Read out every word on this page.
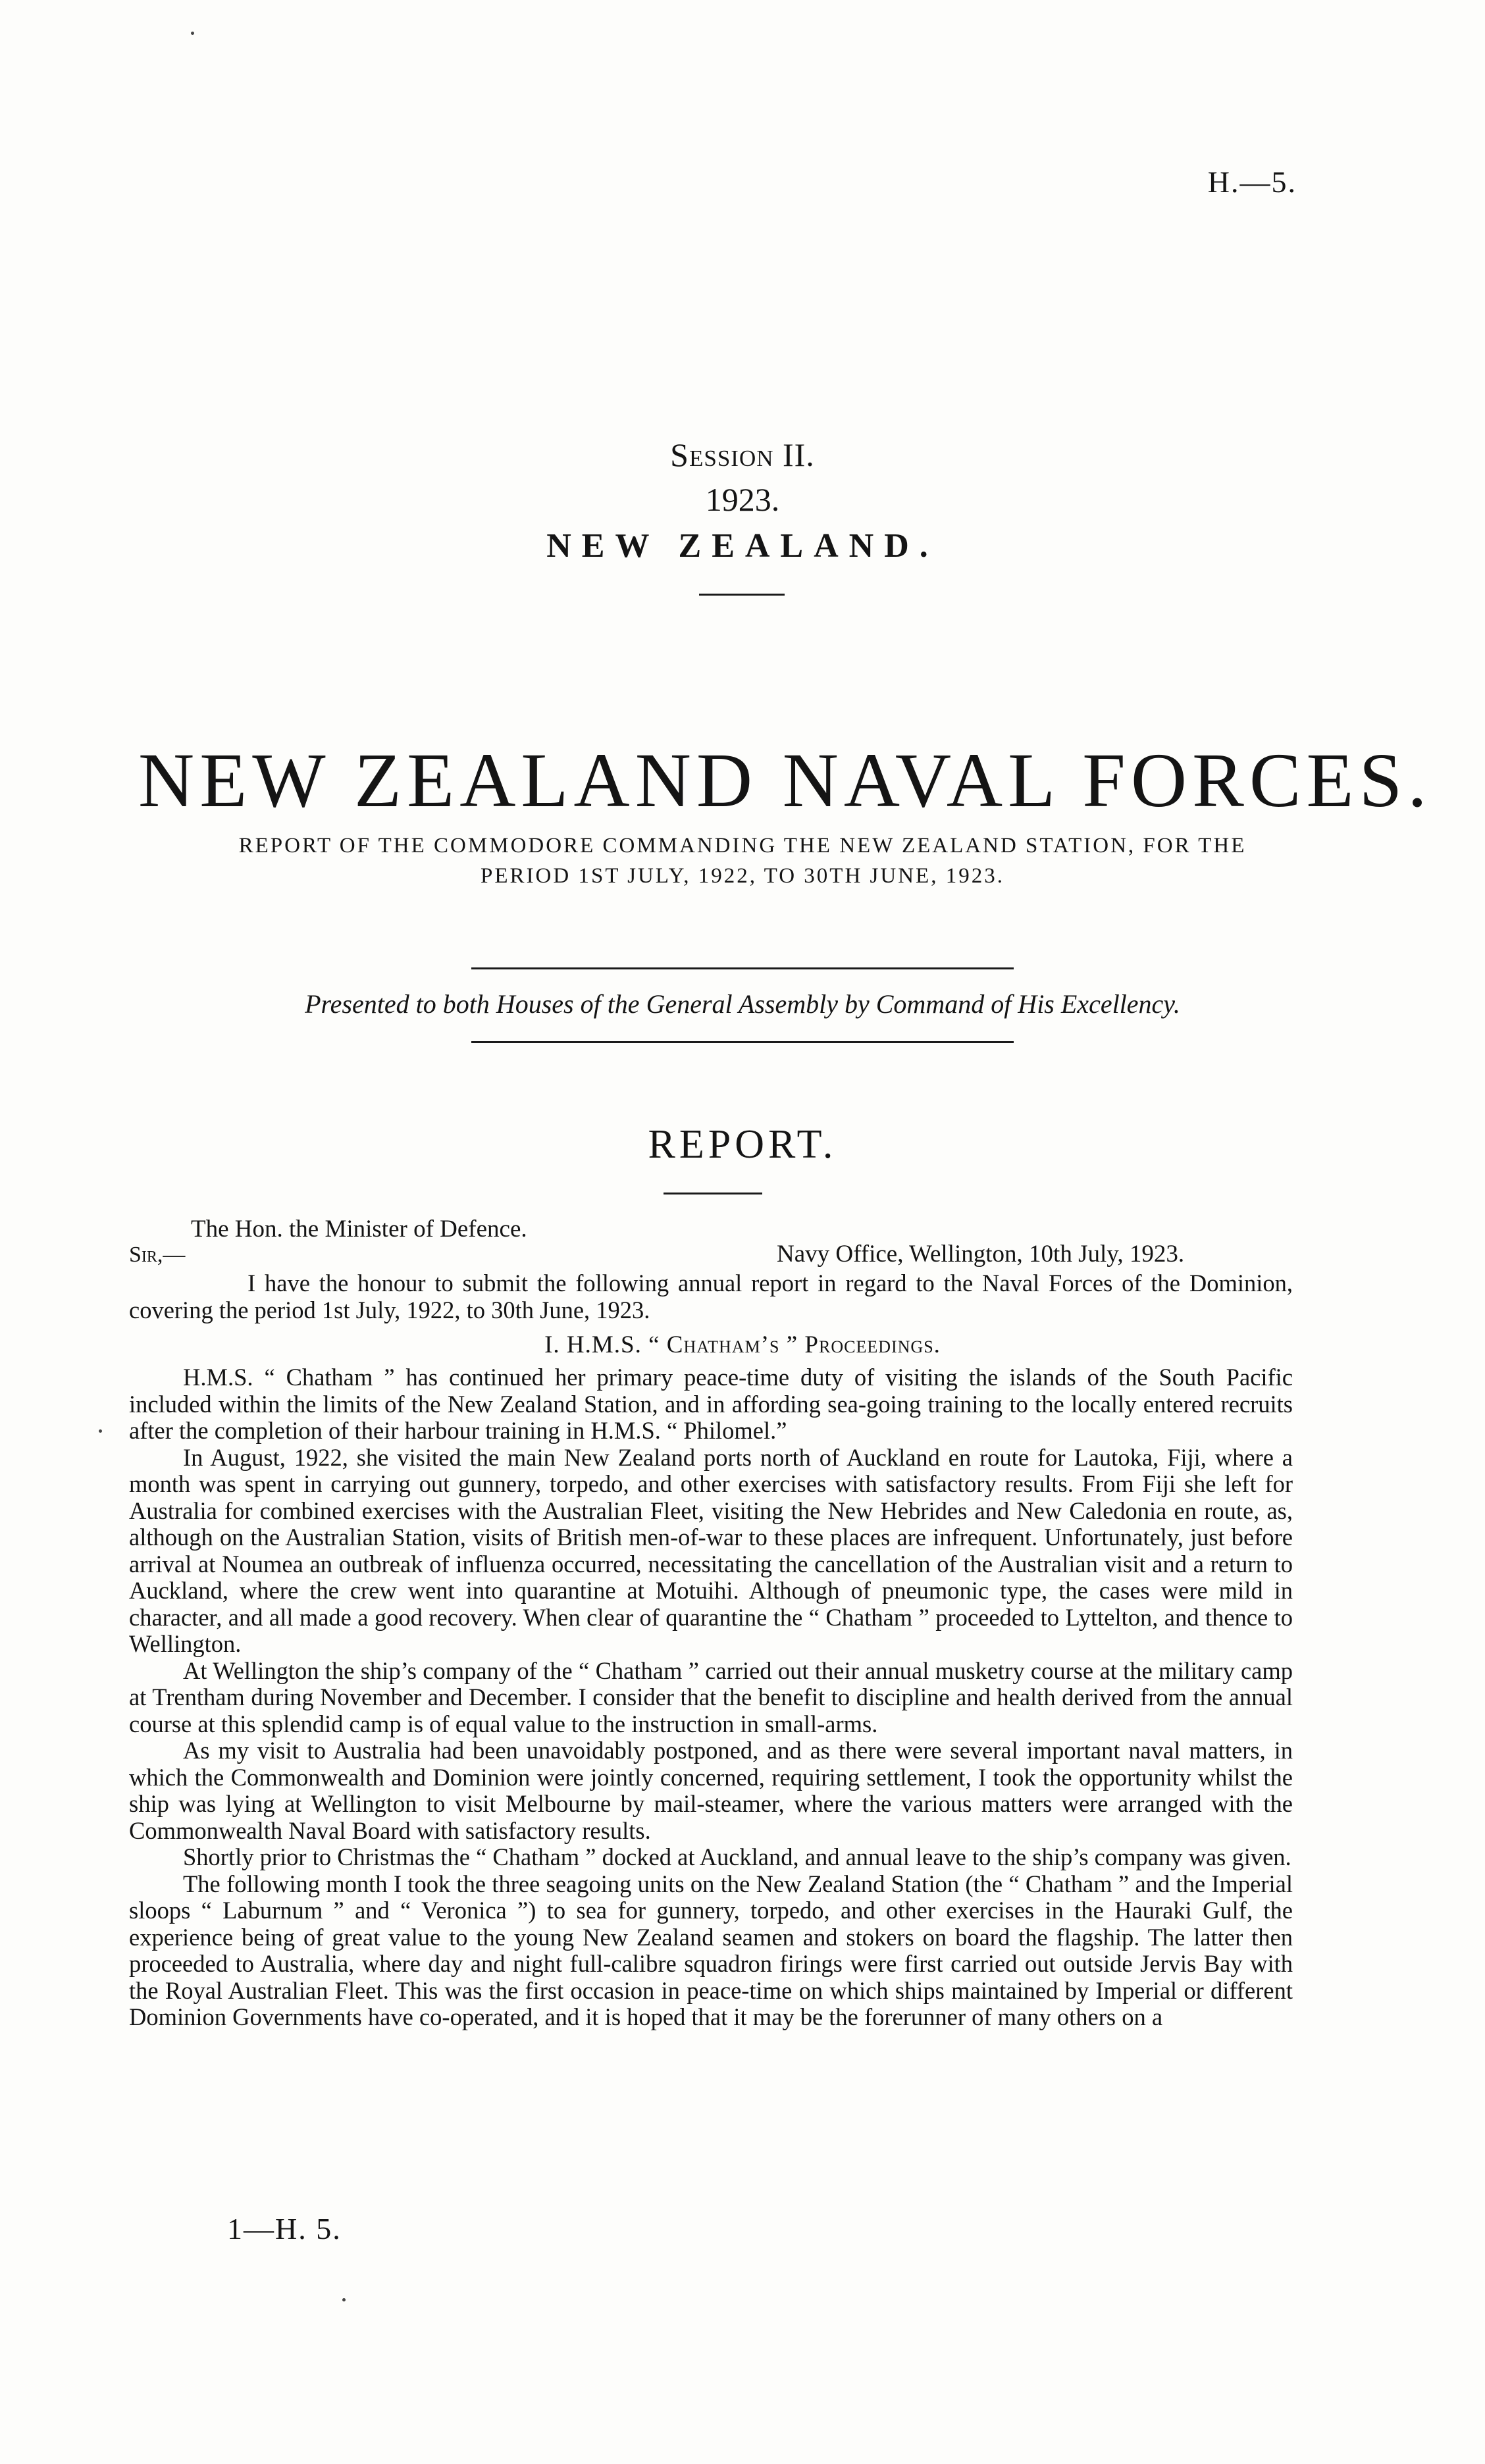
H.—5.
Session II.
1923.
NEW ZEALAND.
NEW ZEALAND NAVAL FORCES.
REPORT OF THE COMMODORE COMMANDING THE NEW ZEALAND STATION, FOR THE PERIOD 1ST JULY, 1922, TO 30TH JUNE, 1923.
Presented to both Houses of the General Assembly by Command of His Excellency.
REPORT.
The Hon. the Minister of Defence.
Sir,—	Navy Office, Wellington, 10th July, 1923.

I have the honour to submit the following annual report in regard to the Naval Forces of the Dominion, covering the period 1st July, 1922, to 30th June, 1923.

I. H.M.S. “ Chatham’s ” Proceedings.

H.M.S. “ Chatham ” has continued her primary peace-time duty of visiting the islands of the South Pacific included within the limits of the New Zealand Station, and in affording sea-going training to the locally entered recruits after the completion of their harbour training in H.M.S. “ Philomel.”

In August, 1922, she visited the main New Zealand ports north of Auckland en route for Lautoka, Fiji, where a month was spent in carrying out gunnery, torpedo, and other exercises with satisfactory results. From Fiji she left for Australia for combined exercises with the Australian Fleet, visiting the New Hebrides and New Caledonia en route, as, although on the Australian Station, visits of British men-of-war to these places are infrequent. Unfortunately, just before arrival at Noumea an outbreak of influenza occurred, necessitating the cancellation of the Australian visit and a return to Auckland, where the crew went into quarantine at Motuihi. Although of pneumonic type, the cases were mild in character, and all made a good recovery. When clear of quarantine the “ Chatham ” proceeded to Lyttelton, and thence to Wellington.

At Wellington the ship’s company of the “ Chatham ” carried out their annual musketry course at the military camp at Trentham during November and December. I consider that the benefit to discipline and health derived from the annual course at this splendid camp is of equal value to the instruction in small-arms.

As my visit to Australia had been unavoidably postponed, and as there were several important naval matters, in which the Commonwealth and Dominion were jointly concerned, requiring settlement, I took the opportunity whilst the ship was lying at Wellington to visit Melbourne by mail-steamer, where the various matters were arranged with the Commonwealth Naval Board with satisfactory results.

Shortly prior to Christmas the “ Chatham ” docked at Auckland, and annual leave to the ship’s company was given.

The following month I took the three seagoing units on the New Zealand Station (the “ Chatham ” and the Imperial sloops “ Laburnum ” and “ Veronica ”) to sea for gunnery, torpedo, and other exercises in the Hauraki Gulf, the experience being of great value to the young New Zealand seamen and stokers on board the flagship. The latter then proceeded to Australia, where day and night full-calibre squadron firings were first carried out outside Jervis Bay with the Royal Australian Fleet. This was the first occasion in peace-time on which ships maintained by Imperial or different Dominion Governments have co-operated, and it is hoped that it may be the forerunner of many others on a

1—H. 5.
